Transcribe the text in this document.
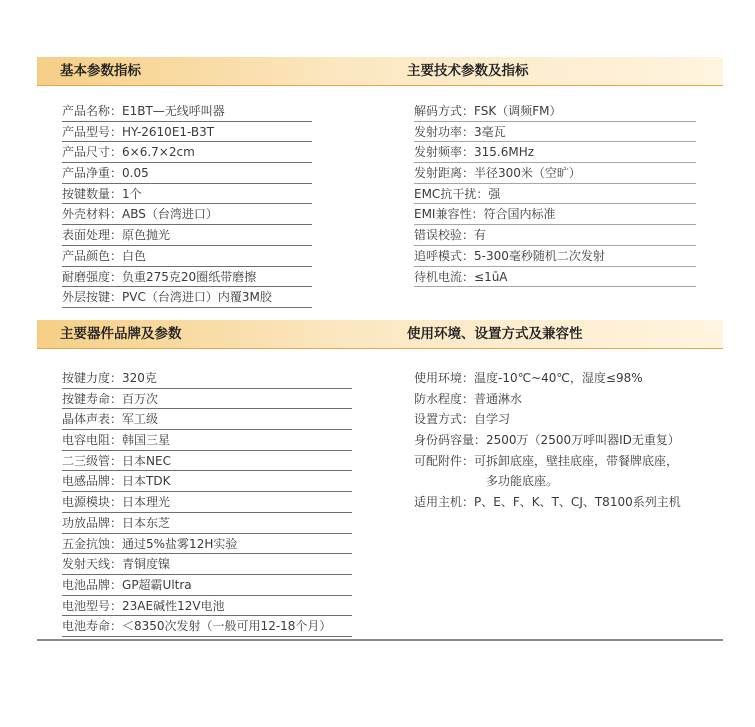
基本参数指标	主要技术参数及指标
产品名称：E1BT—无线呼叫器
产品型号：HY-2610E1-B3T
产品尺寸：6×6.7×2cm
产品净重：0.05
按键数量：1个
外壳材料：ABS（台湾进口）
表面处理：原色抛光
产品颜色：白色
耐磨强度：负重275克20圈纸带磨擦
外层按键：PVC（台湾进口）内覆3M胶
解码方式：FSK（调频FM）
发射功率：3毫瓦
发射频率：315.6MHz
发射距离：半径300米（空旷）
EMC抗干扰：强
EMI兼容性：符合国内标准
错误校验：有
追呼模式：5-300毫秒随机二次发射
待机电流：≤1ūA
主要器件品牌及参数	使用环境、设置方式及兼容性
按键力度：320克
按键寿命：百万次
晶体声表：军工级
电容电阻：韩国三星
二三级管：日本NEC
电感品牌：日本TDK
电源模块：日本理光
功放品牌：日本东芝
五金抗蚀：通过5%盐雾12H实验
发射天线：青铜度镍
电池品牌：GP超霸Ultra
电池型号：23AE碱性12V电池
电池寿命：＜8350次发射（一般可用12-18个月）
使用环境：温度-10℃~40℃，湿度≤98%
防水程度：普通淋水
设置方式：自学习
身份码容量：2500万（2500万呼叫器ID无重复）
可配附件：可拆卸底座，壁挂底座，带餐牌底座，
多功能底座。
适用主机：P、E、F、K、T、CJ、T8100系列主机
